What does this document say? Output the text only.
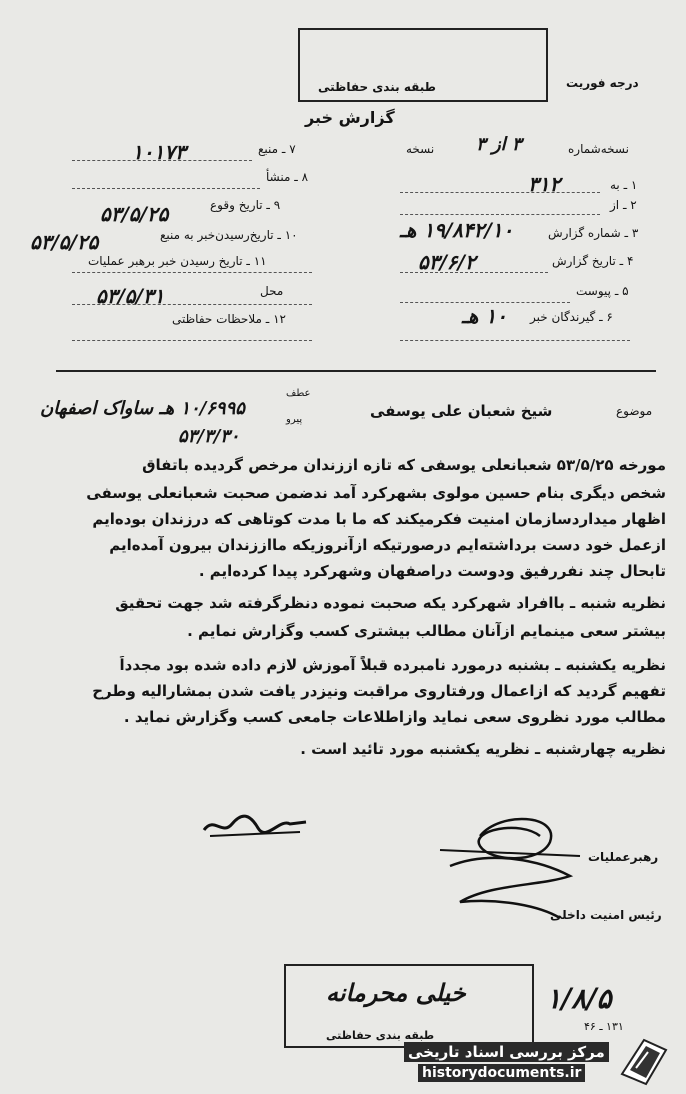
طبقه بندی حفاظتی	درجه فوریت
گزارش خبر
۷ ـ منبع
۱۰۱۷۳
۸ ـ منشأ
۹ ـ تاریخ وقوع
۵۳/۵/۲۵
۱۰ ـ تاریخ‌رسیدن‌خبر به منبع
۵۳/۵/۲۵
۱۱ ـ تاریخ رسیدن خبر برهبر عملیات
محل
۵۳/۵/۳۱
۱۲ ـ ملاحظات حفاظتی
نسخه‌شماره
۳ از ۳
نسخه
۱ ـ به
۳۱۲
۲ ـ از
۳ ـ شماره گزارش
۱۹/۸۴۲/۱۰ هـ
۴ ـ تاریخ گزارش
۵۳/۶/۲
۵ ـ پیوست
۶ ـ گیرندگان خبر
۱۰ هـ
موضوع
شیخ شعبان علی یوسفی
عطف
پیرو
۱۰/۶۹۹۵ هـ ساواک اصفهان
۵۳/۳/۳۰
مورخه ۵۳/۵/۲۵ شعبانعلی یوسفی که تازه اززندان مرخص گردیده باتفاق
شخص دیگری بنام حسین مولوی بشهرکرد آمد ندضمن صحبت شعبانعلی یوسفی
اظهار میداردسازمان امنیت فکرمیکند که ما با مدت کوتاهی که درزندان بوده‌ایم
ازعمل خود دست برداشته‌ایم درصورتیکه ازآنروزیکه مااززندان بیرون آمده‌ایم
تابحال چند نفررفیق ودوست دراصفهان وشهرکرد پیدا کرده‌ایم .
نظریه شنبه ـ باافراد شهرکرد یکه صحبت نموده دنظرگرفته شد جهت تحقیق
بیشتر سعی مینمایم ازآنان مطالب بیشتری کسب وگزارش نمایم .
نظریه یکشنبه ـ بشنبه درمورد نامبرده قبلاً آموزش لازم داده شده بود مجدداً
تفهیم گردید که ازاعمال ورفتاروی مراقبت ونیزدر یافت شدن بمشارالیه وطرح
مطالب مورد نظروی سعی نماید وازاطلاعات جامعی کسب وگزارش نماید .
نظریه چهارشنبه ـ نظریه یکشنبه مورد تائید است .
رهبرعملیات
رئیس امنیت داخلی
خیلی محرمانه
طبقه بندی حفاظتی
۱/۸/۵
۱۳۱ ـ ۴۶
مرکز بررسی اسناد تاریخی
historydocuments.ir
